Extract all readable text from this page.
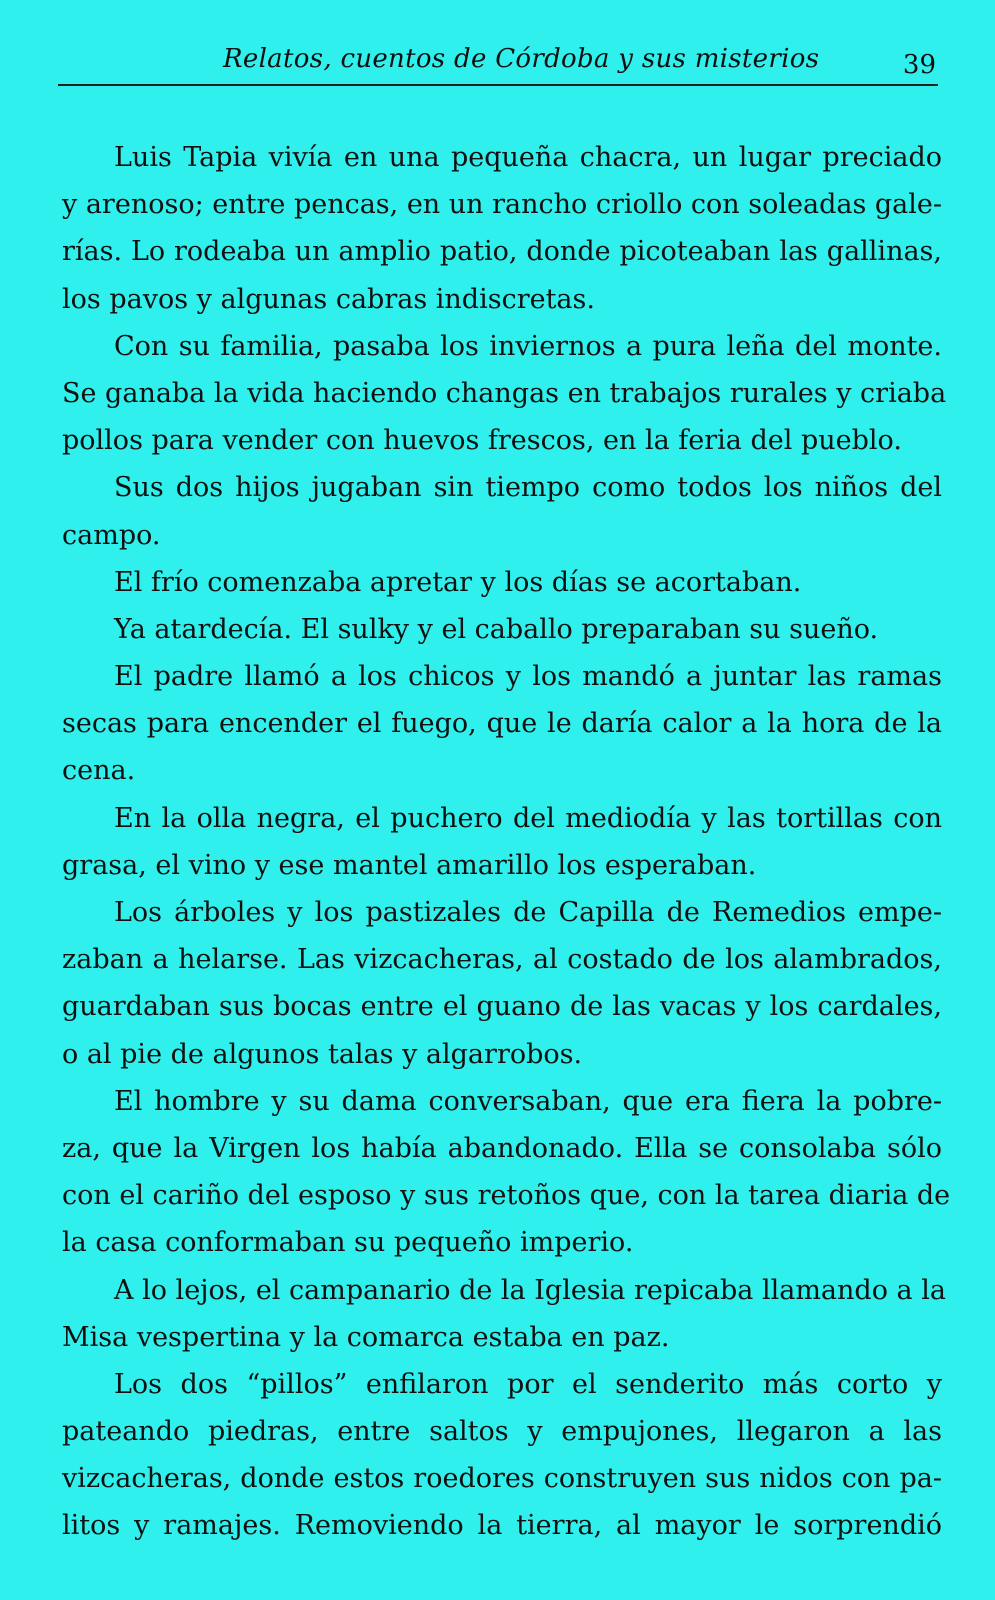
Relatos, cuentos de Córdoba y sus misterios	39
Luis Tapia vivía en una pequeña chacra, un lugar preciado
y arenoso; entre pencas, en un rancho criollo con soleadas gale-
rías. Lo rodeaba un amplio patio, donde picoteaban las gallinas,
los pavos y algunas cabras indiscretas.
Con su familia, pasaba los inviernos a pura leña del monte.
Se ganaba la vida haciendo changas en trabajos rurales y criaba
pollos para vender con huevos frescos, en la feria del pueblo.
Sus dos hijos jugaban sin tiempo como todos los niños del
campo.
El frío comenzaba apretar y los días se acortaban.
Ya atardecía. El sulky y el caballo preparaban su sueño.
El padre llamó a los chicos y los mandó a juntar las ramas
secas para encender el fuego, que le daría calor a la hora de la
cena.
En la olla negra, el puchero del mediodía y las tortillas con
grasa, el vino y ese mantel amarillo los esperaban.
Los árboles y los pastizales de Capilla de Remedios empe-
zaban a helarse. Las vizcacheras, al costado de los alambrados,
guardaban sus bocas entre el guano de las vacas y los cardales,
o al pie de algunos talas y algarrobos.
El hombre y su dama conversaban, que era fiera la pobre-
za, que la Virgen los había abandonado. Ella se consolaba sólo
con el cariño del esposo y sus retoños que, con la tarea diaria de
la casa conformaban su pequeño imperio.
A lo lejos, el campanario de la Iglesia repicaba llamando a la
Misa vespertina y la comarca estaba en paz.
Los dos “pillos” enfilaron por el senderito más corto y
pateando piedras, entre saltos y empujones, llegaron a las
vizcacheras, donde estos roedores construyen sus nidos con pa-
litos y ramajes. Removiendo la tierra, al mayor le sorprendió
